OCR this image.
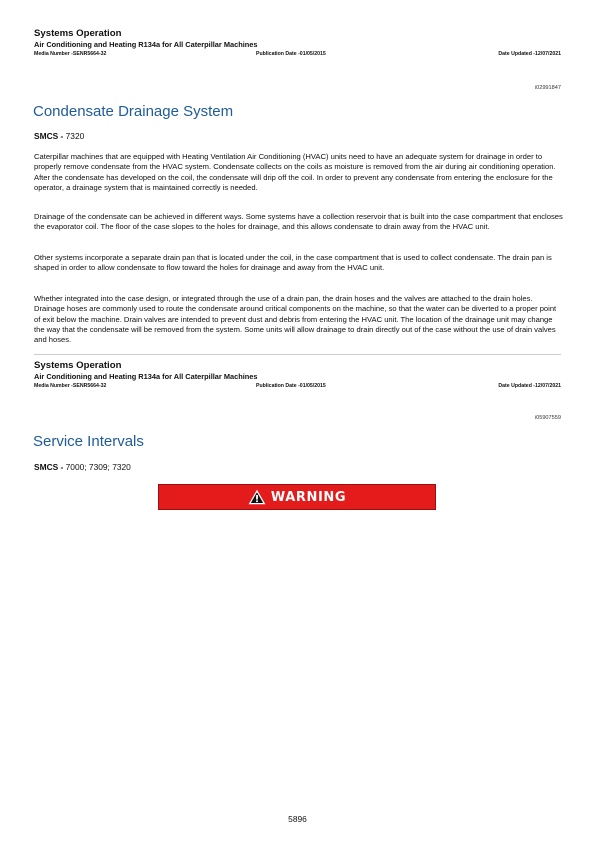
Systems Operation
Air Conditioning and Heating R134a for All Caterpillar Machines
Media Number -SENR5664-32	Publication Date -01/05/2015	Date Updated -12/07/2021
i02991847
Condensate Drainage System
SMCS - 7320

Caterpillar machines that are equipped with Heating Ventilation Air Conditioning (HVAC) units need to have an adequate system for drainage in order to properly remove condensate from the HVAC system. Condensate collects on the coils as moisture is removed from the air during air conditioning operation. After the condensate has developed on the coil, the condensate will drip off the coil. In order to prevent any condensate from entering the enclosure for the operator, a drainage system that is maintained correctly is needed.

Drainage of the condensate can be achieved in different ways. Some systems have a collection reservoir that is built into the case compartment that encloses the evaporator coil. The floor of the case slopes to the holes for drainage, and this allows condensate to drain away from the HVAC unit.

Other systems incorporate a separate drain pan that is located under the coil, in the case compartment that is used to collect condensate. The drain pan is shaped in order to allow condensate to flow toward the holes for drainage and away from the HVAC unit.

Whether integrated into the case design, or integrated through the use of a drain pan, the drain hoses and the valves are attached to the drain holes. Drainage hoses are commonly used to route the condensate around critical components on the machine, so that the water can be diverted to a proper point of exit below the machine. Drain valves are intended to prevent dust and debris from entering the HVAC unit. The location of the drainage unit may change the way that the condensate will be removed from the system. Some units will allow drainage to drain directly out of the case without the use of drain valves and hoses.

Systems Operation
Air Conditioning and Heating R134a for All Caterpillar Machines
Media Number -SENR5664-32	Publication Date -01/05/2015	Date Updated -12/07/2021
i05907559
Service Intervals
SMCS - 7000; 7309; 7320
WARNING
5896
